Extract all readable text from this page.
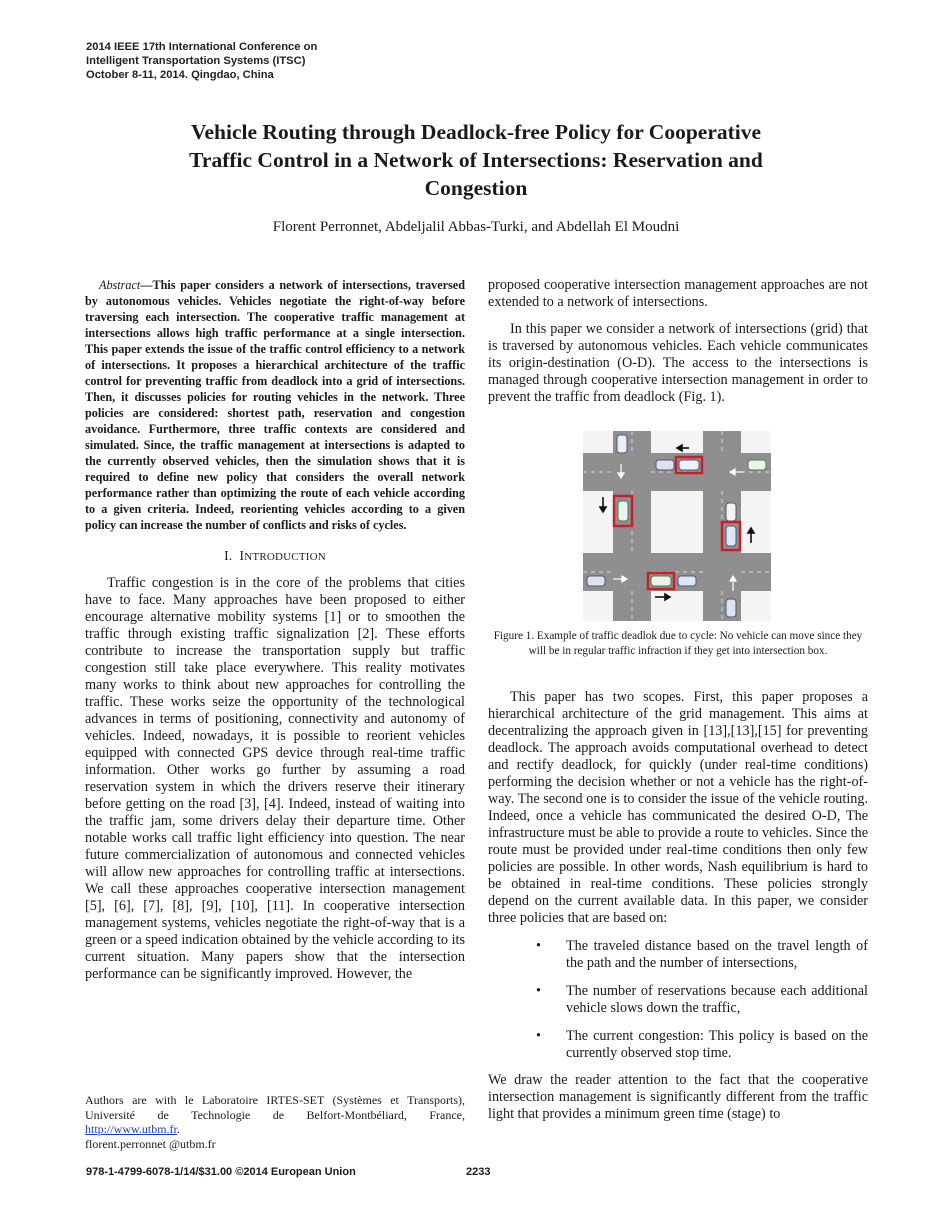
2014 IEEE 17th International Conference on
Intelligent Transportation Systems (ITSC)
October 8-11, 2014. Qingdao, China
Vehicle Routing through Deadlock-free Policy for Cooperative
Traffic Control in a Network of Intersections: Reservation and
Congestion
Florent Perronnet, Abdeljalil Abbas-Turki, and Abdellah El Moudni

Abstract—This paper considers a network of intersections, traversed by autonomous vehicles. Vehicles negotiate the right-of-way before traversing each intersection. The cooperative traffic management at intersections allows high traffic performance at a single intersection. This paper extends the issue of the traffic control efficiency to a network of intersections. It proposes a hierarchical architecture of the traffic control for preventing traffic from deadlock into a grid of intersections. Then, it discusses policies for routing vehicles in the network. Three policies are considered: shortest path, reservation and congestion avoidance. Furthermore, three traffic contexts are considered and simulated. Since, the traffic management at intersections is adapted to the currently observed vehicles, then the simulation shows that it is required to define new policy that considers the overall network performance rather than optimizing the route of each vehicle according to a given criteria. Indeed, reorienting vehicles according to a given policy can increase the number of conflicts and risks of cycles.

I. INTRODUCTION

Traffic congestion is in the core of the problems that cities have to face. Many approaches have been proposed to either encourage alternative mobility systems [1] or to smoothen the traffic through existing traffic signalization [2]. These efforts contribute to increase the transportation supply but traffic congestion still take place everywhere. This reality motivates many works to think about new approaches for controlling the traffic. These works seize the opportunity of the technological advances in terms of positioning, connectivity and autonomy of vehicles. Indeed, nowadays, it is possible to reorient vehicles equipped with connected GPS device through real-time traffic information. Other works go further by assuming a road reservation system in which the drivers reserve their itinerary before getting on the road [3], [4]. Indeed, instead of waiting into the traffic jam, some drivers delay their departure time. Other notable works call traffic light efficiency into question. The near future commercialization of autonomous and connected vehicles will allow new approaches for controlling traffic at intersections. We call these approaches cooperative intersection management [5], [6], [7], [8], [9], [10], [11]. In cooperative intersection management systems, vehicles negotiate the right-of-way that is a green or a speed indication obtained by the vehicle according to its current situation. Many papers show that the intersection performance can be significantly improved. However, the

Authors are with le Laboratoire IRTES-SET (Systèmes et Transports), Université de Technologie de Belfort-Montbéliard, France, http://www.utbm.fr.

florent.perronnet @utbm.fr

proposed cooperative intersection management approaches are not extended to a network of intersections.

In this paper we consider a network of intersections (grid) that is traversed by autonomous vehicles. Each vehicle communicates its origin-destination (O-D). The access to the intersections is managed through cooperative intersection management in order to prevent the traffic from deadlock (Fig. 1).

Figure 1. Example of traffic deadlok due to cycle: No vehicle can move since they will be in regular traffic infraction if they get into intersection box.

This paper has two scopes. First, this paper proposes a hierarchical architecture of the grid management. This aims at decentralizing the approach given in [13],[13],[15] for preventing deadlock. The approach avoids computational overhead to detect and rectify deadlock, for quickly (under real-time conditions) performing the decision whether or not a vehicle has the right-of-way. The second one is to consider the issue of the vehicle routing. Indeed, once a vehicle has communicated the desired O-D, The infrastructure must be able to provide a route to vehicles. Since the route must be provided under real-time conditions then only few policies are possible. In other words, Nash equilibrium is hard to be obtained in real-time conditions. These policies strongly depend on the current available data. In this paper, we consider three policies that are based on:

• The traveled distance based on the travel length of the path and the number of intersections,

• The number of reservations because each additional vehicle slows down the traffic,

• The current congestion: This policy is based on the currently observed stop time.

We draw the reader attention to the fact that the cooperative intersection management is significantly different from the traffic light that provides a minimum green time (stage) to

978-1-4799-6078-1/14/$31.00 ©2014 European Union	2233
